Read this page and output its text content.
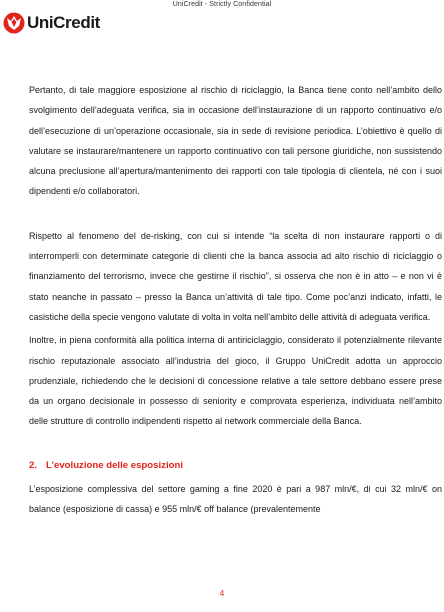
UniCredit - Strictly Confidential
UniCredit

Pertanto, di tale maggiore esposizione al rischio di riciclaggio, la Banca tiene conto nell’ambito dello svolgimento dell’adeguata verifica, sia in occasione dell’instaurazione di un rapporto continuativo e/o dell’esecuzione di un’operazione occasionale, sia in sede di revisione periodica. L’obiettivo è quello di valutare se instaurare/mantenere un rapporto continuativo con tali persone giuridiche, non sussistendo alcuna preclusione all’apertura/mantenimento dei rapporti con tale tipologia di clientela, né con i suoi dipendenti e/o collaboratori.

Rispetto al fenomeno del de-risking, con cui si intende “la scelta di non instaurare rapporti o di interromperli con determinate categorie di clienti che la banca associa ad alto rischio di riciclaggio o finanziamento del terrorismo, invece che gestirne il rischio”, si osserva che non è in atto – e non vi è stato neanche in passato – presso la Banca un’attività di tale tipo. Come poc’anzi indicato, infatti, le casistiche della specie vengono valutate di volta in volta nell’ambito delle attività di adeguata verifica.

Inoltre, in piena conformità alla politica interna di antiriciclaggio, considerato il potenzialmente rilevante rischio reputazionale associato all’industria del gioco, il Gruppo UniCredit adotta un approccio prudenziale, richiedendo che le decisioni di concessione relative a tale settore debbano essere prese da un organo decisionale in possesso di seniority e comprovata esperienza, individuata nell’ambito delle strutture di controllo indipendenti rispetto al network commerciale della Banca.

2. L’evoluzione delle esposizioni

L’esposizione complessiva del settore gaming a fine 2020 è pari a 987 mln/€, di cui 32 mln/€ on balance (esposizione di cassa) e 955 mln/€ off balance (prevalentemente

4
